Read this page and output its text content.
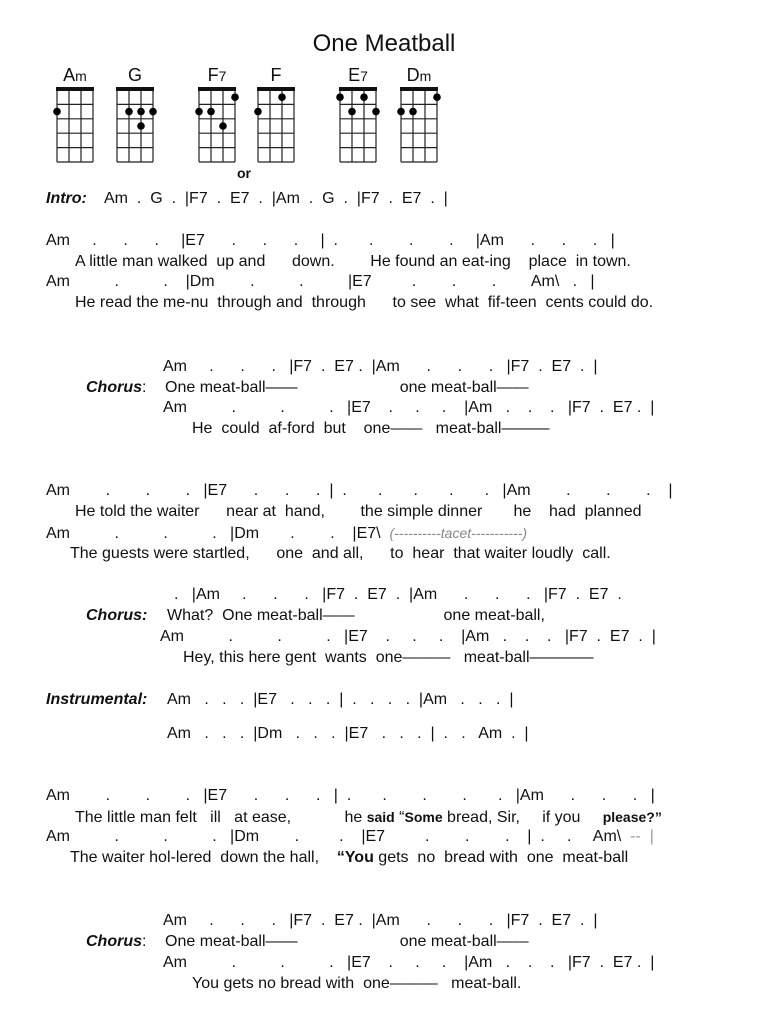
One Meatball
Am G	F7 F	E7 Dm
or
Intro: Am  .  G  .  |F7  .  E7  .  |Am  .  G  .  |F7  .  E7  .  |
Am     .      .      .     |E7      .      .      .     |  .       .        .        .     |Am      .      .      .   |
A little man walked  up and      down.        He found an eat-ing    place  in town.
Am          .          .    |Dm        .          .          |E7         .        .        .        Am\   .   |
He read the me-nu  through and  through      to see  what  fif-teen  cents could do.
Am     .      .      .   |F7  .  E7 .  |Am      .      .      .   |F7  .  E7  .  |
Chorus: One meat-ball——                       one meat-ball——
Am          .          .          .   |E7    .     .     .    |Am   .    .    .   |F7  .  E7 .  |
He  could  af-ford  but    one——   meat-ball———
Am        .        .        .   |E7      .      .      .  |  .       .       .       .       .   |Am        .        .        .    |
He told the waiter      near at  hand,        the simple dinner       he    had  planned
Am          .          .          .   |Dm       .        .    |E7\ (----------tacet-----------)
The guests were startled,      one  and all,      to  hear  that waiter loudly  call.
.   |Am     .      .      .   |F7  .  E7  .  |Am      .      .      .   |F7  .  E7  .
Chorus: What?  One meat-ball——                    one meat-ball,
Am          .          .          .   |E7    .     .     .    |Am   .    .    .   |F7  .  E7  .  |
Hey, this here gent  wants  one———   meat-ball————
Instrumental: Am   .   .   .  |E7   .   .   .  |  .   .   .   .  |Am   .   .   .  |
Am   .   .   .  |Dm   .   .   .  |E7   .   .   .  |  .   .   Am  .  |
Am        .        .        .   |E7      .      .      .   |  .       .        .        .       .   |Am      .      .      .   |
The little man felt   ill   at ease,            he said “Some bread, Sir,     if you     please?”
Am          .          .          .   |Dm        .         .    |E7         .        .        .    |  .     .     Am\  --  |
The waiter hol-lered  down the hall,    “You gets  no  bread with  one  meat-ball
Am     .      .      .   |F7  .  E7 .  |Am      .      .      .   |F7  .  E7  .  |
Chorus: One meat-ball——                       one meat-ball——
Am          .          .          .   |E7    .     .     .    |Am   .    .    .   |F7  .  E7 .  |
You gets no bread with  one———   meat-ball.
